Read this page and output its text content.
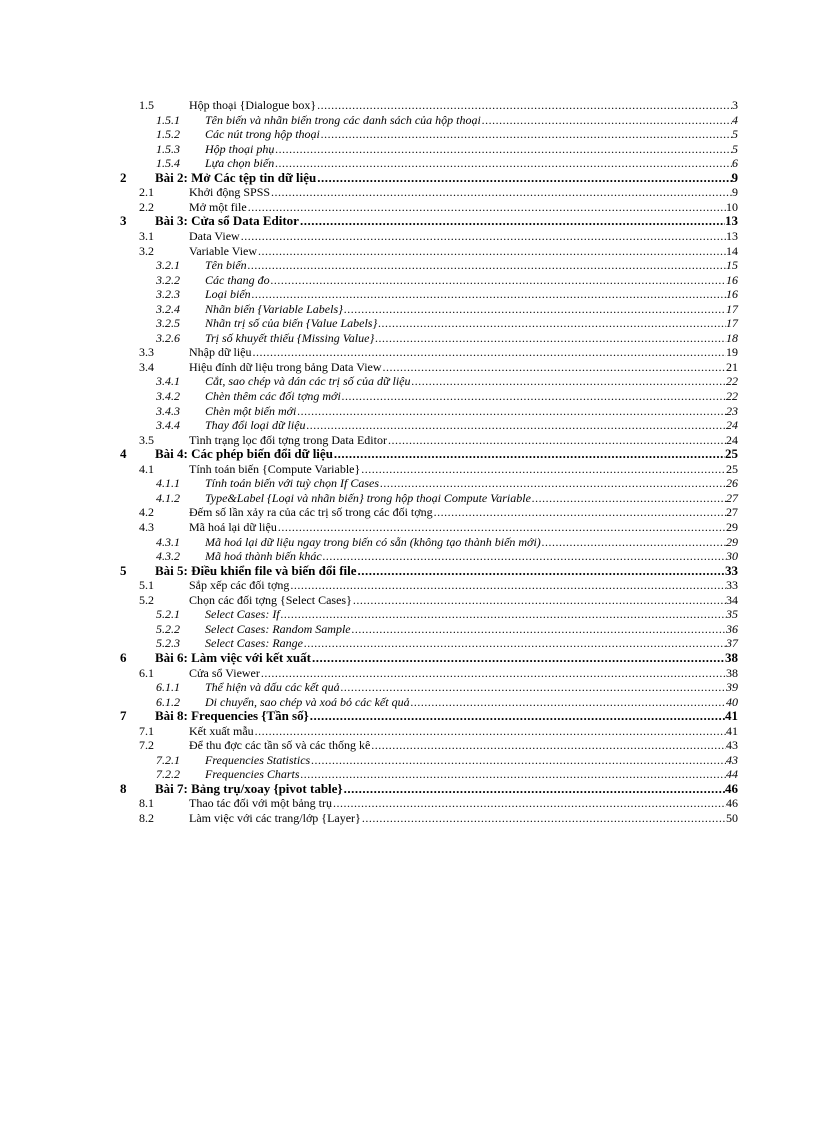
1.5	Hộp thoại {Dialogue box} .....	3
1.5.1 Tên biến và nhãn biến trong các danh sách của hộp thoại .....	4
1.5.2 Các nút trong hộp thoại .....	5
1.5.3 Hộp thoại phụ .....	5
1.5.4 Lựa chọn biến .....	6
2 Bài 2: Mở Các tệp tin dữ liệu .....	9
2.1	Khởi động SPSS .....	9
2.2	Mở một file .....	10
3 Bài 3: Cửa sổ Data Editor .....	13
3.1	Data View .....	13
3.2	Variable View .....	14
3.2.1 Tên biến .....	15
3.2.2 Các thang đo .....	16
3.2.3 Loại biến .....	16
3.2.4 Nhãn biến {Variable Labels} .....	17
3.2.5 Nhãn trị số của biến {Value Labels} .....	17
3.2.6 Trị số khuyết thiếu {Missing Value} .....	18
3.3	Nhập dữ liệu .....	19
3.4	Hiệu đính dữ liệu trong bảng Data View .....	21
3.4.1 Cắt, sao chép và dán các trị số của dữ liệu .....	22
3.4.2 Chèn thêm các đối tợng mới .....	22
3.4.3 Chèn một biến mới .....	23
3.4.4 Thay đổi loại dữ liệu .....	24
3.5	Tình trạng lọc đối tợng trong Data Editor .....	24
4 Bài 4: Các phép biến đổi dữ liệu .....	25
4.1	Tính toán biến {Compute Variable} .....	25
4.1.1 Tính toán biến với tuỳ chọn If Cases .....	26
4.1.2 Type&Label {Loại và nhãn biến} trong hộp thoại Compute Variable .....	27
4.2	Đếm số lần xảy ra của các trị số trong các đối tợng .....	27
4.3	Mã hoá lại dữ liệu .....	29
4.3.1 Mã hoá lại dữ liệu ngay trong biến có sẵn (không tạo thành biến mới) .....	29
4.3.2 Mã hoá thành biến khác .....	30
5 Bài 5: Điều khiển file và biến đổi file .....	33
5.1	Sắp xếp các đối tợng .....	33
5.2	Chọn các đối tợng {Select Cases} .....	34
5.2.1 Select Cases: If .....	35
5.2.2 Select Cases: Random Sample .....	36
5.2.3 Select Cases: Range .....	37
6 Bài 6: Làm việc với kết xuất .....	38
6.1	Cửa sổ Viewer .....	38
6.1.1 Thể hiện và dấu các kết quả .....	39
6.1.2 Di chuyển, sao chép và xoá bỏ các kết quả .....	40
7 Bài 8: Frequencies {Tần số} .....	41
7.1	Kết xuất mẫu .....	41
7.2	Để thu đợc các tần số và các thống kê .....	43
7.2.1 Frequencies Statistics .....	43
7.2.2 Frequencies Charts .....	44
8 Bài 7: Bảng trụ/xoay {pivot table} .....	46
8.1	Thao tác đối với một bảng trụ .....	46
8.2	Làm việc với các trang/lớp {Layer} .....	50
